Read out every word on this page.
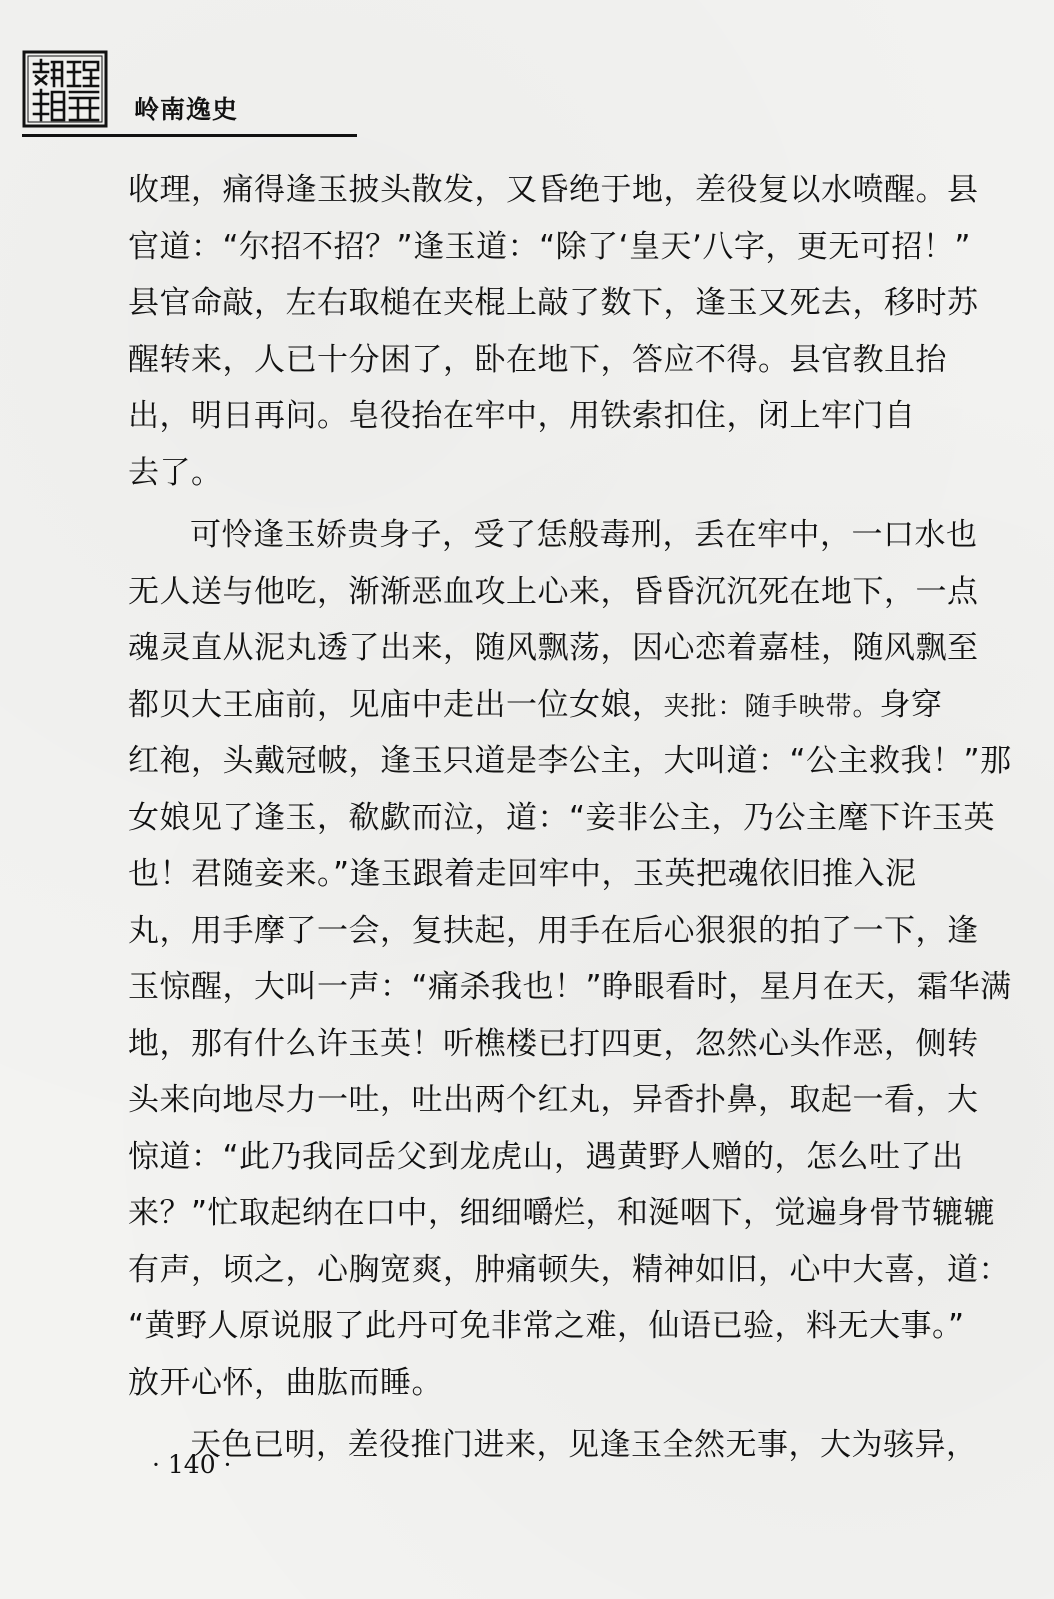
岭南逸史
收理，痛得逢玉披头散发，又昏绝于地，差役复以水喷醒。县
官道：“尔招不招？”逢玉道：“除了‘皇天’八字，更无可招！”
县官命敲，左右取槌在夹棍上敲了数下，逢玉又死去，移时苏
醒转来，人已十分困了，卧在地下，答应不得。县官教且抬
出，明日再问。皂役抬在牢中，用铁索扣住，闭上牢门自
去了。
可怜逢玉娇贵身子，受了恁般毒刑，丢在牢中，一口水也
无人送与他吃，渐渐恶血攻上心来，昏昏沉沉死在地下，一点
魂灵直从泥丸透了出来，随风飘荡，因心恋着嘉桂，随风飘至
都贝大王庙前，见庙中走出一位女娘，夹批：随手映带。身穿
红袍，头戴冠帔，逢玉只道是李公主，大叫道：“公主救我！”那
女娘见了逢玉，欷歔而泣，道：“妾非公主，乃公主麾下许玉英
也！君随妾来。”逢玉跟着走回牢中，玉英把魂依旧推入泥
丸，用手摩了一会，复扶起，用手在后心狠狠的拍了一下，逢
玉惊醒，大叫一声：“痛杀我也！”睁眼看时，星月在天，霜华满
地，那有什么许玉英！听樵楼已打四更，忽然心头作恶，侧转
头来向地尽力一吐，吐出两个红丸，异香扑鼻，取起一看，大
惊道：“此乃我同岳父到龙虎山，遇黄野人赠的，怎么吐了出
来？”忙取起纳在口中，细细嚼烂，和涎咽下，觉遍身骨节辘辘
有声，顷之，心胸宽爽，肿痛顿失，精神如旧，心中大喜，道：
“黄野人原说服了此丹可免非常之难，仙语已验，料无大事。”
放开心怀，曲肱而睡。
天色已明，差役推门进来，见逢玉全然无事，大为骇异，
· 140 ·
